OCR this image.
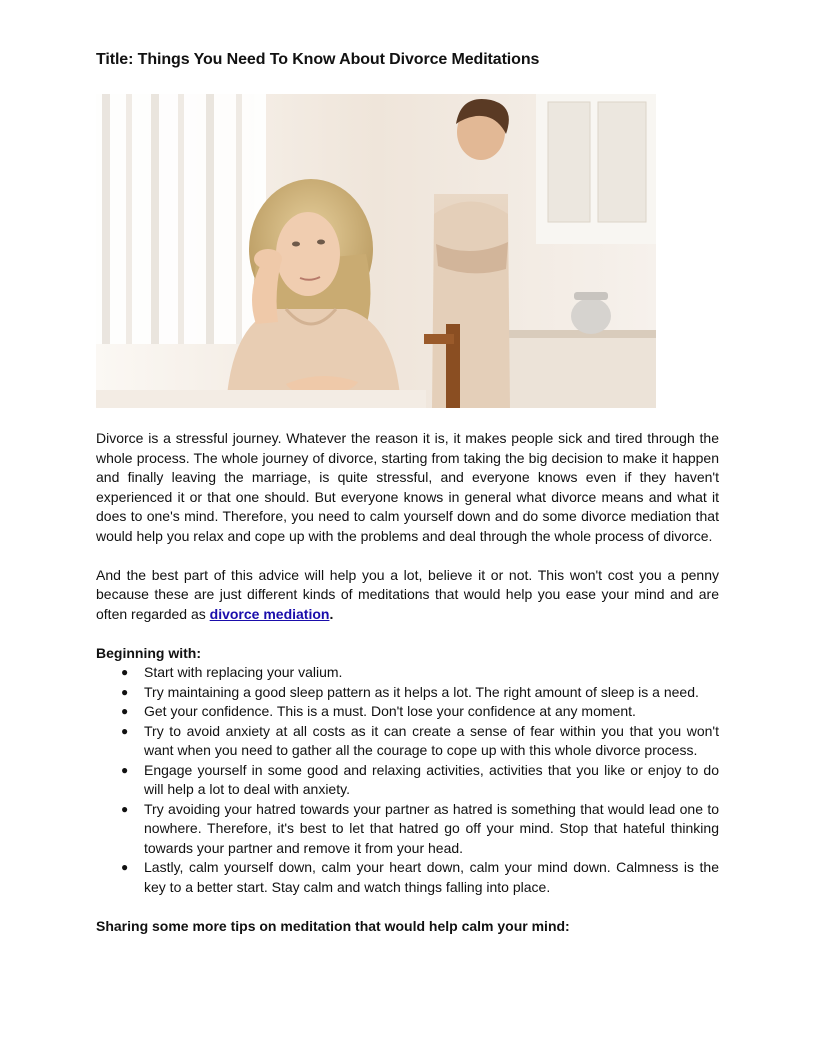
Title: Things You Need To Know About Divorce Meditations

Divorce is a stressful journey. Whatever the reason it is, it makes people sick and tired through the whole process. The whole journey of divorce, starting from taking the big decision to make it happen and finally leaving the marriage, is quite stressful, and everyone knows even if they haven't experienced it or that one should. But everyone knows in general what divorce means and what it does to one's mind. Therefore, you need to calm yourself down and do some divorce mediation that would help you relax and cope up with the problems and deal through the whole process of divorce.

And the best part of this advice will help you a lot, believe it or not. This won't cost you a penny because these are just different kinds of meditations that would help you ease your mind and are often regarded as divorce mediation.

Beginning with:

● Start with replacing your valium.
● Try maintaining a good sleep pattern as it helps a lot. The right amount of sleep is a need.
● Get your confidence. This is a must. Don't lose your confidence at any moment.
● Try to avoid anxiety at all costs as it can create a sense of fear within you that you won't want when you need to gather all the courage to cope up with this whole divorce process.
● Engage yourself in some good and relaxing activities, activities that you like or enjoy to do will help a lot to deal with anxiety.
● Try avoiding your hatred towards your partner as hatred is something that would lead one to nowhere. Therefore, it's best to let that hatred go off your mind. Stop that hateful thinking towards your partner and remove it from your head.
● Lastly, calm yourself down, calm your heart down, calm your mind down. Calmness is the key to a better start. Stay calm and watch things falling into place.

Sharing some more tips on meditation that would help calm your mind:
